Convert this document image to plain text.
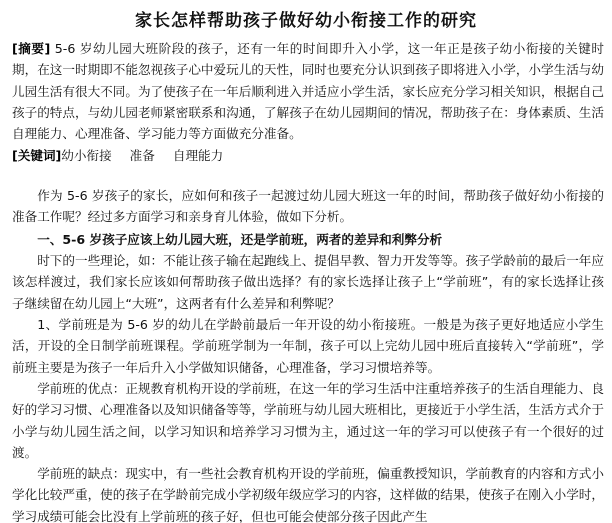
家长怎样帮助孩子做好幼小衔接工作的研究

[摘要] 5-6 岁幼儿园大班阶段的孩子，还有一年的时间即升入小学，这一年正是孩子幼小衔接的关键时期，在这一时期即不能忽视孩子心中爱玩儿的天性，同时也要充分认识到孩子即将进入小学，小学生活与幼儿园生活有很大不同。为了使孩子在一年后顺利进入并适应小学生活，家长应充分学习相关知识，根据自己孩子的特点，与幼儿园老师紧密联系和沟通，了解孩子在幼儿园期间的情况，帮助孩子在：身体素质、生活自理能力、心理准备、学习能力等方面做充分准备。

[关键词]幼小衔接 准备 自理能力

作为 5-6 岁孩子的家长，应如何和孩子一起渡过幼儿园大班这一年的时间，帮助孩子做好幼小衔接的准备工作呢？经过多方面学习和亲身育儿体验，做如下分析。

一、5-6 岁孩子应该上幼儿园大班，还是学前班，两者的差异和利弊分析

时下的一些理论，如：不能让孩子输在起跑线上、提倡早教、智力开发等等。孩子学龄前的最后一年应该怎样渡过，我们家长应该如何帮助孩子做出选择？有的家长选择让孩子上“学前班”，有的家长选择让孩子继续留在幼儿园上“大班”，这两者有什么差异和利弊呢？

1、学前班是为 5-6 岁的幼儿在学龄前最后一年开设的幼小衔接班。一般是为孩子更好地适应小学生活，开设的全日制学前班课程。学前班学制为一年制，孩子可以上完幼儿园中班后直接转入“学前班”，学前班主要是为孩子一年后升入小学做知识储备，心理准备，学习习惯培养等。

学前班的优点：正规教育机构开设的学前班，在这一年的学习生活中注重培养孩子的生活自理能力、良好的学习习惯、心理准备以及知识储备等等，学前班与幼儿园大班相比，更接近于小学生活，生活方式介于小学与幼儿园生活之间，以学习知识和培养学习习惯为主，通过这一年的学习可以使孩子有一个很好的过渡。

学前班的缺点：现实中，有一些社会教育机构开设的学前班，偏重教授知识，学前教育的内容和方式小学化比较严重，使的孩子在学龄前完成小学初级年级应学习的内容，这样做的结果，使孩子在刚入小学时，学习成绩可能会比没有上学前班的孩子好，但也可能会使部分孩子因此产生
